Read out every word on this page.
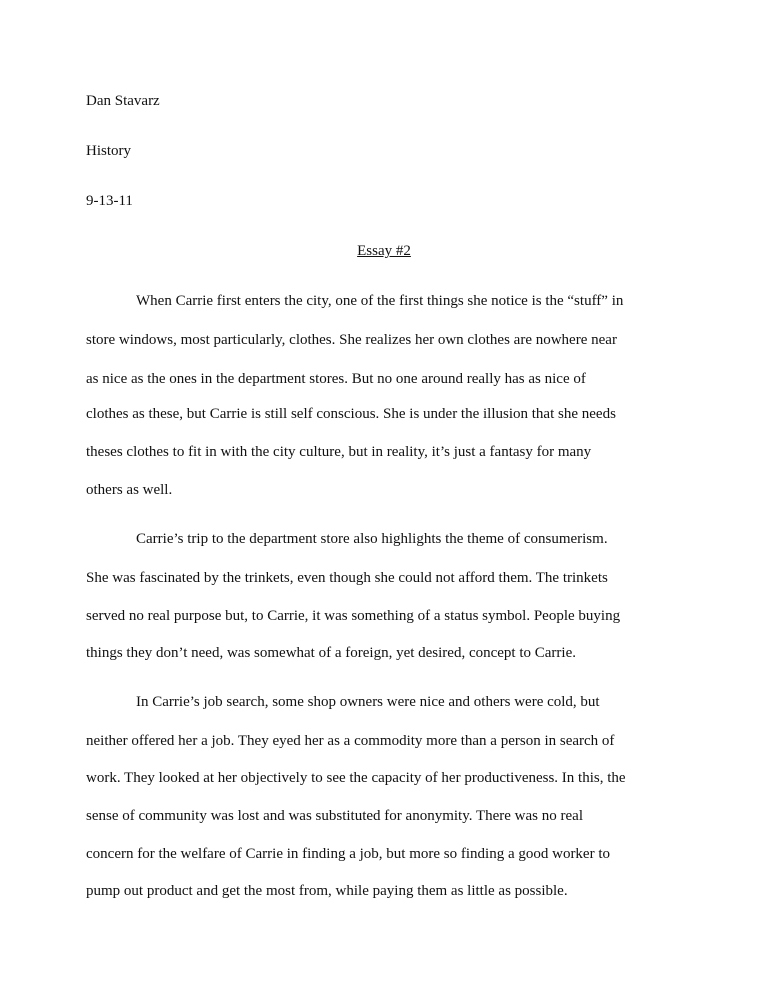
Dan Stavarz

History

9-13-11

Essay #2

When Carrie first enters the city, one of the first things she notice is the “stuff” in

store windows, most particularly, clothes. She realizes her own clothes are nowhere near

as nice as the ones in the department stores. But no one around really has as nice of

clothes as these, but Carrie is still self conscious. She is under the illusion that she needs

theses clothes to fit in with the city culture, but in reality, it’s just a fantasy for many

others as well.

Carrie’s trip to the department store also highlights the theme of consumerism.

She was fascinated by the trinkets, even though she could not afford them. The trinkets

served no real purpose but, to Carrie, it was something of a status symbol. People buying

things they don’t need, was somewhat of a foreign, yet desired, concept to Carrie.

In Carrie’s job search, some shop owners were nice and others were cold, but

neither offered her a job. They eyed her as a commodity more than a person in search of

work. They looked at her objectively to see the capacity of her productiveness. In this, the

sense of community was lost and was substituted for anonymity. There was no real

concern for the welfare of Carrie in finding a job, but more so finding a good worker to

pump out product and get the most from, while paying them as little as possible.
